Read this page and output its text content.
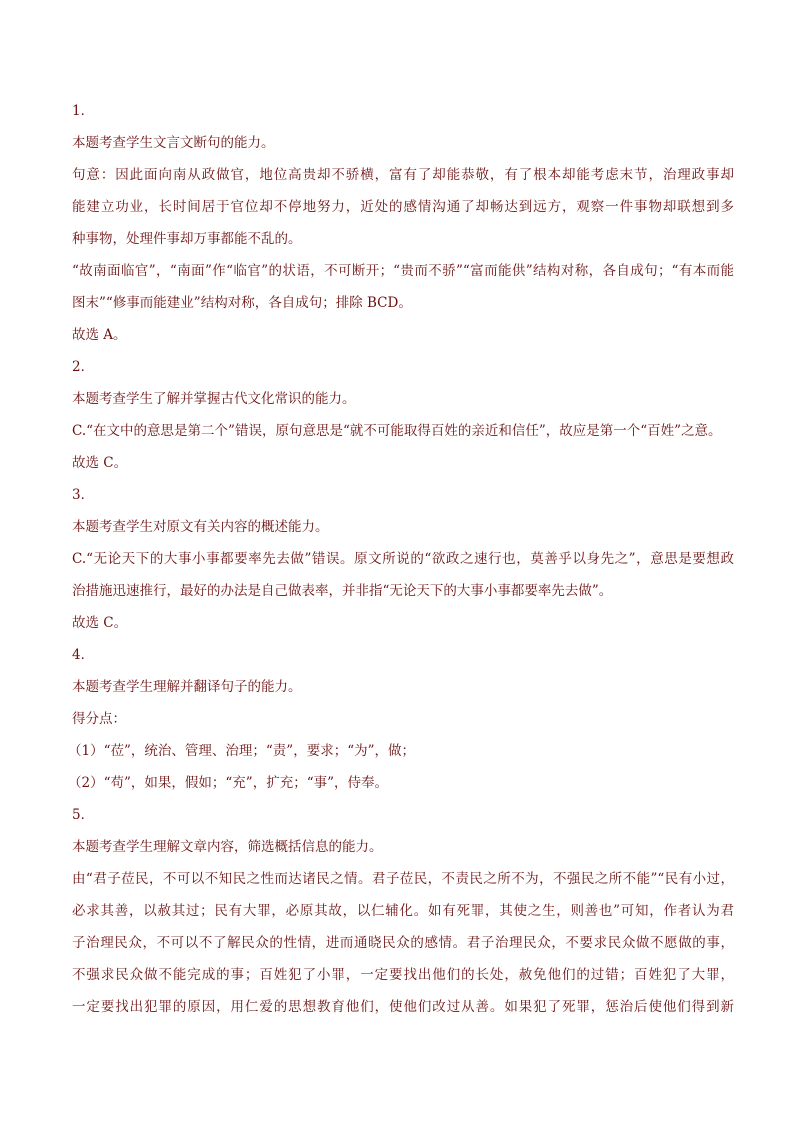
1．
本题考查学生文言文断句的能力。
句意：因此面向南从政做官，地位高贵却不骄横，富有了却能恭敬，有了根本却能考虑末节，治理政事却
能建立功业，长时间居于官位却不停地努力，近处的感情沟通了却畅达到远方，观察一件事物却联想到多
种事物，处理件事却万事都能不乱的。
“故南面临官”，“南面”作“临官”的状语，不可断开；“贵而不骄”“富而能供”结构对称，各自成句；“有本而能
图末”“修事而能建业”结构对称，各自成句；排除 BCD。
故选 A。
2．
本题考查学生了解并掌握古代文化常识的能力。
C.“在文中的意思是第二个”错误，原句意思是“就不可能取得百姓的亲近和信任”，故应是第一个“百姓”之意。
故选 C。
3．
本题考查学生对原文有关内容的概述能力。
C.“无论天下的大事小事都要率先去做”错误。原文所说的“欲政之速行也，莫善乎以身先之”，意思是要想政
治措施迅速推行，最好的办法是自己做表率，并非指“无论天下的大事小事都要率先去做”。
故选 C。
4．
本题考查学生理解并翻译句子的能力。
得分点：
（1）“莅”，统治、管理、治理；“责”，要求；“为”，做；
（2）“苟”，如果，假如；“充”，扩充；“事”，侍奉。
5．
本题考查学生理解文章内容，筛选概括信息的能力。
由“君子莅民，不可以不知民之性而达诸民之情。君子莅民，不责民之所不为，不强民之所不能”“民有小过，
必求其善，以赦其过；民有大罪，必原其故，以仁辅化。如有死罪，其使之生，则善也”可知，作者认为君
子治理民众，不可以不了解民众的性情，进而通晓民众的感情。君子治理民众，不要求民众做不愿做的事，
不强求民众做不能完成的事；百姓犯了小罪，一定要找出他们的长处，赦免他们的过错；百姓犯了大罪，
一定要找出犯罪的原因，用仁爱的思想教育他们，使他们改过从善。如果犯了死罪，惩治后使他们得到新
